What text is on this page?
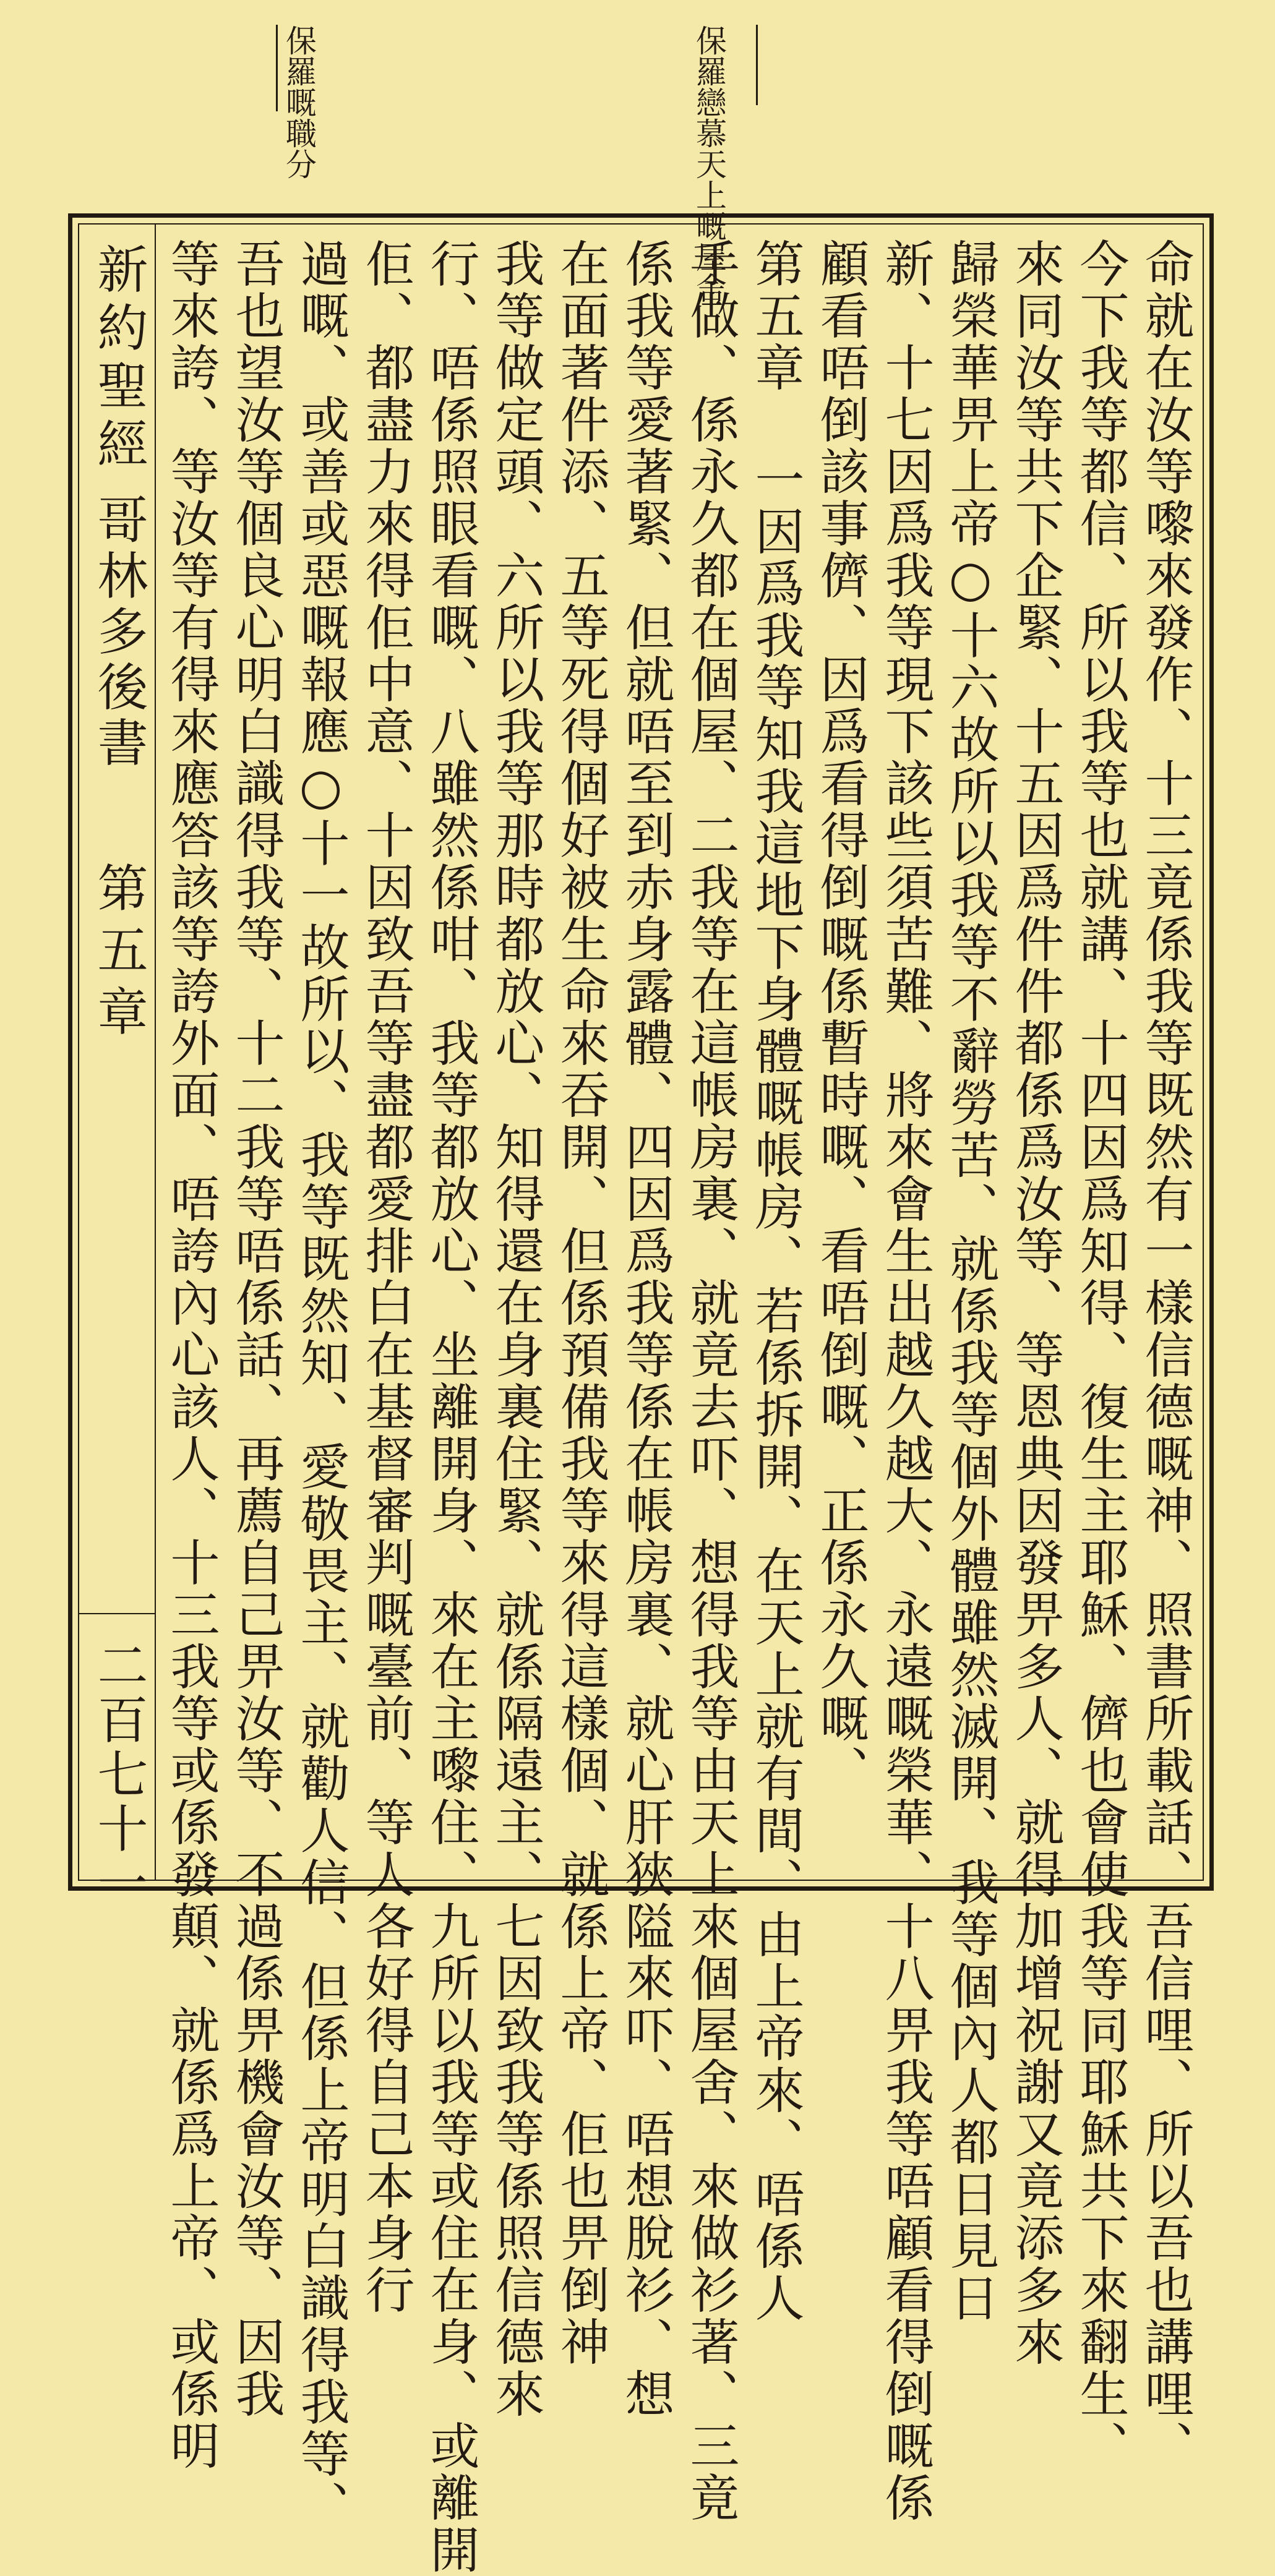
保羅嘅職分	保羅戀慕天上嘅屋舍
新約聖經
哥林多後書
第五章
二百七十一	命就在汝等嚟來發作、十三竟係我等既然有一樣信德嘅神、照書所載話、吾信哩、所以吾也講哩、
今下我等都信、所以我等也就講、十四因爲知得、復生主耶穌、儕也會使我等同耶穌共下來翻生、
來同汝等共下企緊、十五因爲件件都係爲汝等、等恩典因發畀多人、就得加增祝謝又竟添多來
歸榮華畀上帝○十六故所以我等不辭勞苦、就係我等個外體雖然滅開、我等個內人都日見日
新、十七因爲我等現下該些須苦難、將來會生出越久越大、永遠嘅榮華、十八畀我等唔顧看得倒嘅係
顧看唔倒該事儕、因爲看得倒嘅係暫時嘅、看唔倒嘅、正係永久嘅、
第五章 一因爲我等知我這地下身體嘅帳房、若係拆開、在天上就有間、由上帝來、唔係人
手做、係永久都在個屋、二我等在這帳房裏、就竟去吓、想得我等由天上來個屋舍、來做衫著、三竟
係我等愛著緊、但就唔至到赤身露體、四因爲我等係在帳房裏、就心肝狹隘來吓、唔想脫衫、想
在面著件添、五等死得個好被生命來吞開、但係預備我等來得這樣個、就係上帝、佢也畀倒神
我等做定頭、六所以我等那時都放心、知得還在身裏住緊、就係隔遠主、七因致我等係照信德來
行、唔係照眼看嘅、八雖然係咁、我等都放心、坐離開身、來在主嚟住、九所以我等或住在身、或離開
佢、都盡力來得佢中意、十因致吾等盡都愛排白在基督審判嘅臺前、等人各好得自己本身行
過嘅、或善或惡嘅報應○十一故所以、我等既然知、愛敬畏主、就勸人信、但係上帝明白識得我等、
吾也望汝等個良心明白識得我等、十二我等唔係話、再薦自己畀汝等、不過係畀機會汝等、因我
等來誇、等汝等有得來應答該等誇外面、唔誇內心該人、十三我等或係發顛、就係爲上帝、或係明
